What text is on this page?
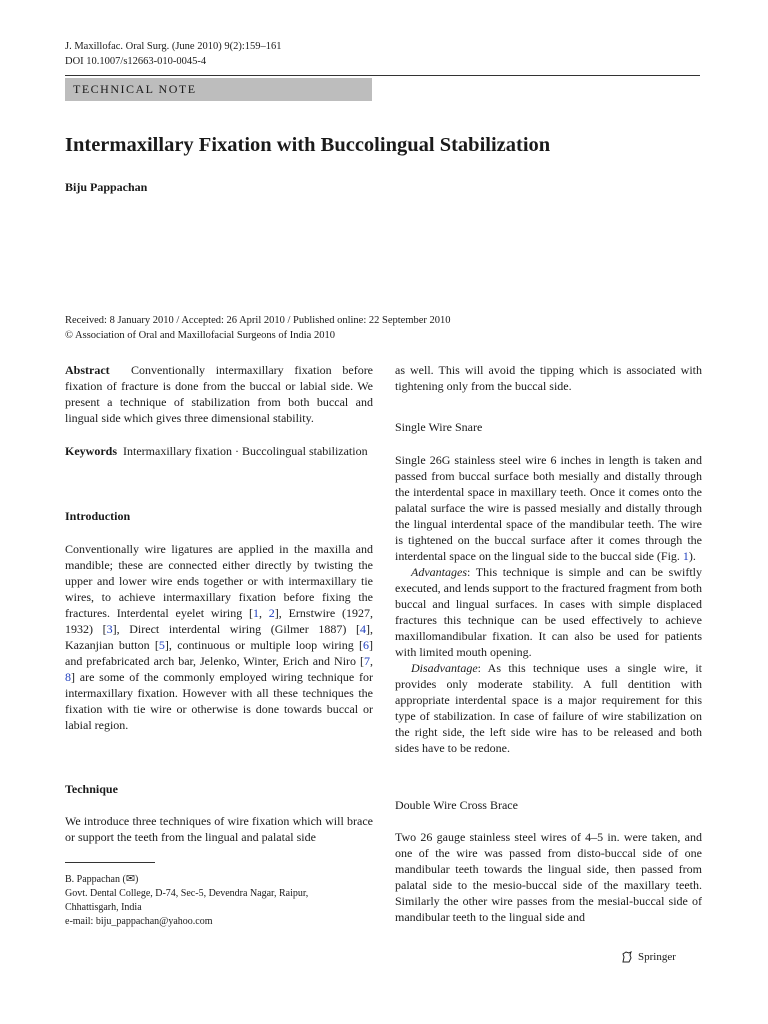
J. Maxillofac. Oral Surg. (June 2010) 9(2):159–161
DOI 10.1007/s12663-010-0045-4
TECHNICAL NOTE
Intermaxillary Fixation with Buccolingual Stabilization
Biju Pappachan
Received: 8 January 2010 / Accepted: 26 April 2010 / Published online: 22 September 2010
© Association of Oral and Maxillofacial Surgeons of India 2010

Abstract Conventionally intermaxillary fixation before fixation of fracture is done from the buccal or labial side. We present a technique of stabilization from both buccal and lingual side which gives three dimensional stability.

Keywords Intermaxillary fixation · Buccolingual stabilization

Introduction

Conventionally wire ligatures are applied in the maxilla and mandible; these are connected either directly by twisting the upper and lower wire ends together or with intermaxillary tie wires, to achieve intermaxillary fixation before fixing the fractures. Interdental eyelet wiring [1, 2], Ernstwire (1927, 1932) [3], Direct interdental wiring (Gilmer 1887) [4], Kazanjian button [5], continuous or multiple loop wiring [6] and prefabricated arch bar, Jelenko, Winter, Erich and Niro [7, 8] are some of the commonly employed wiring technique for intermaxillary fixation. However with all these techniques the fixation with tie wire or otherwise is done towards buccal or labial region.

Technique
We introduce three techniques of wire fixation which will brace or support the teeth from the lingual and palatal side
B. Pappachan (✉)
Govt. Dental College, D-74, Sec-5, Devendra Nagar, Raipur,
Chhattisgarh, India
e-mail: biju_pappachan@yahoo.com
as well. This will avoid the tipping which is associated with tightening only from the buccal side.
Single Wire Snare

Single 26G stainless steel wire 6 inches in length is taken and passed from buccal surface both mesially and distally through the interdental space in maxillary teeth. Once it comes onto the palatal surface the wire is passed mesially and distally through the lingual interdental space of the mandibular teeth. The wire is tightened on the buccal surface after it comes through the interdental space on the lingual side to the buccal side (Fig. 1).

Advantages: This technique is simple and can be swiftly executed, and lends support to the fractured fragment from both buccal and lingual surfaces. In cases with simple displaced fractures this technique can be used effectively to achieve maxillomandibular fixation. It can also be used for patients with limited mouth opening.

Disadvantage: As this technique uses a single wire, it provides only moderate stability. A full dentition with appropriate interdental space is a major requirement for this type of stabilization. In case of failure of wire stabilization on the right side, the left side wire has to be released and both sides have to be redone.

Double Wire Cross Brace
Two 26 gauge stainless steel wires of 4–5 in. were taken, and one of the wire was passed from disto-buccal side of one mandibular teeth towards the lingual side, then passed from palatal side to the mesio-buccal side of the maxillary teeth. Similarly the other wire passes from the mesial-buccal side of mandibular teeth to the lingual side and
Springer
